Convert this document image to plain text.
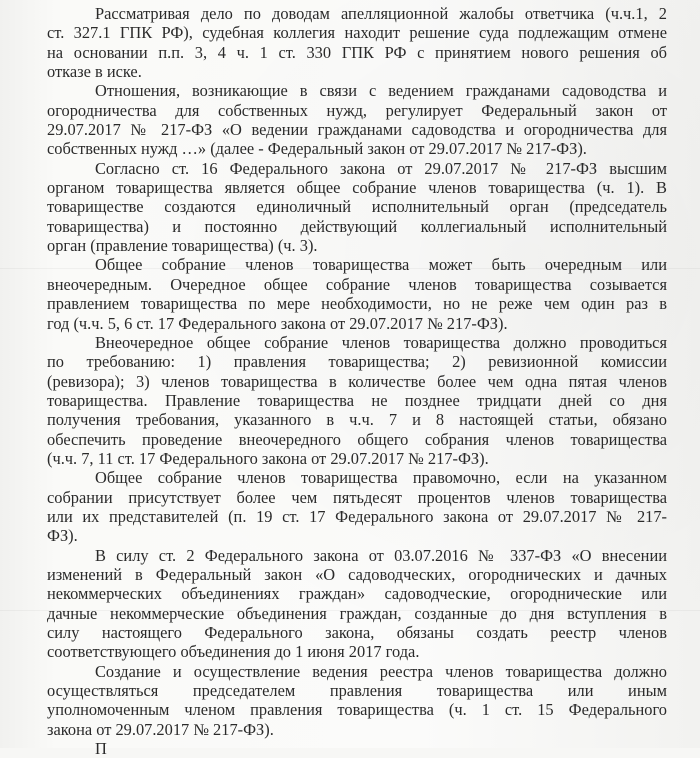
Рассматривая дело по доводам апелляционной жалобы ответчика (ч.ч.1, 2
ст. 327.1 ГПК РФ), судебная коллегия находит решение суда подлежащим отмене
на основании п.п. 3, 4 ч. 1 ст. 330 ГПК РФ с принятием нового решения об
отказе в иске.
Отношения, возникающие в связи с ведением гражданами садоводства и
огородничества для собственных нужд, регулирует Федеральный закон от
29.07.2017 № 217-ФЗ «О ведении гражданами садоводства и огородничества для
собственных нужд …» (далее - Федеральный закон от 29.07.2017 № 217-ФЗ).
Согласно ст. 16 Федерального закона от 29.07.2017 № 217-ФЗ высшим
органом товарищества является общее собрание членов товарищества (ч. 1). В
товариществе создаются единоличный исполнительный орган (председатель
товарищества) и постоянно действующий коллегиальный исполнительный
орган (правление товарищества) (ч. 3).
Общее собрание членов товарищества может быть очередным или
внеочередным. Очередное общее собрание членов товарищества созывается
правлением товарищества по мере необходимости, но не реже чем один раз в
год (ч.ч. 5, 6 ст. 17 Федерального закона от 29.07.2017 № 217-ФЗ).
Внеочередное общее собрание членов товарищества должно проводиться
по требованию: 1) правления товарищества; 2) ревизионной комиссии
(ревизора); 3) членов товарищества в количестве более чем одна пятая членов
товарищества. Правление товарищества не позднее тридцати дней со дня
получения требования, указанного в ч.ч. 7 и 8 настоящей статьи, обязано
обеспечить проведение внеочередного общего собрания членов товарищества
(ч.ч. 7, 11 ст. 17 Федерального закона от 29.07.2017 № 217-ФЗ).
Общее собрание членов товарищества правомочно, если на указанном
собрании присутствует более чем пятьдесят процентов членов товарищества
или их представителей (п. 19 ст. 17 Федерального закона от 29.07.2017 № 217-
ФЗ).
В силу ст. 2 Федерального закона от 03.07.2016 № 337-ФЗ «О внесении
изменений в Федеральный закон «О садоводческих, огороднических и дачных
некоммерческих объединениях граждан» садоводческие, огороднические или
дачные некоммерческие объединения граждан, созданные до дня вступления в
силу настоящего Федерального закона, обязаны создать реестр членов
соответствующего объединения до 1 июня 2017 года.
Создание и осуществление ведения реестра членов товарищества должно
осуществляться председателем правления товарищества или иным
уполномоченным членом правления товарищества (ч. 1 ст. 15 Федерального
закона от 29.07.2017 № 217-ФЗ).
П
